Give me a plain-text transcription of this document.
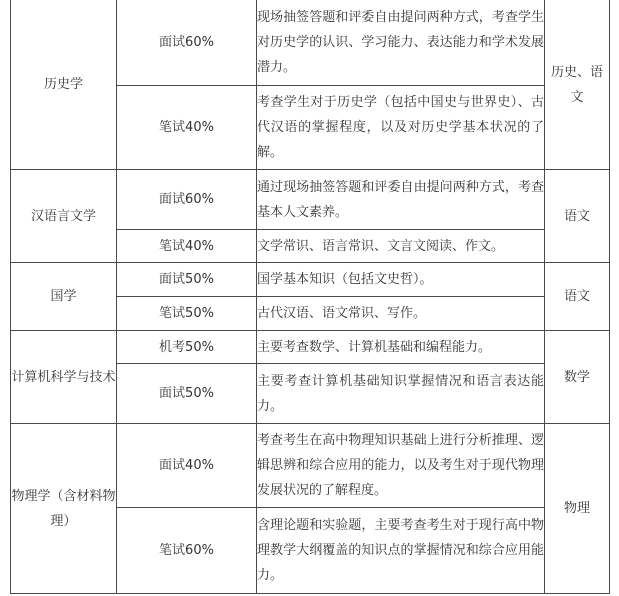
历史学	面试60%	现场抽签答题和评委自由提问两种方式，考查学生对历史学的认识、学习能力、表达能力和学术发展潜力。	历史、语文
	笔试40%	考查学生对于历史学（包括中国史与世界史）、古代汉语的掌握程度，以及对历史学基本状况的了解。	
汉语言文学	面试60%	通过现场抽签答题和评委自由提问两种方式，考查基本人文素养。	语文
	笔试40%	文学常识、语言常识、文言文阅读、作文。	
国学	面试50%	国学基本知识（包括文史哲）。	语文
	笔试50%	古代汉语、语文常识、写作。	
计算机科学与技术	机考50%	主要考查数学、计算机基础和编程能力。	数学
	面试50%	主要考查计算机基础知识掌握情况和语言表达能力。	
物理学（含材料物理）	面试40%	考查考生在高中物理知识基础上进行分析推理、逻辑思辨和综合应用的能力，以及考生对于现代物理发展状况的了解程度。	物理
	笔试60%	含理论题和实验题，主要考查考生对于现行高中物理教学大纲覆盖的知识点的掌握情况和综合应用能力。	
